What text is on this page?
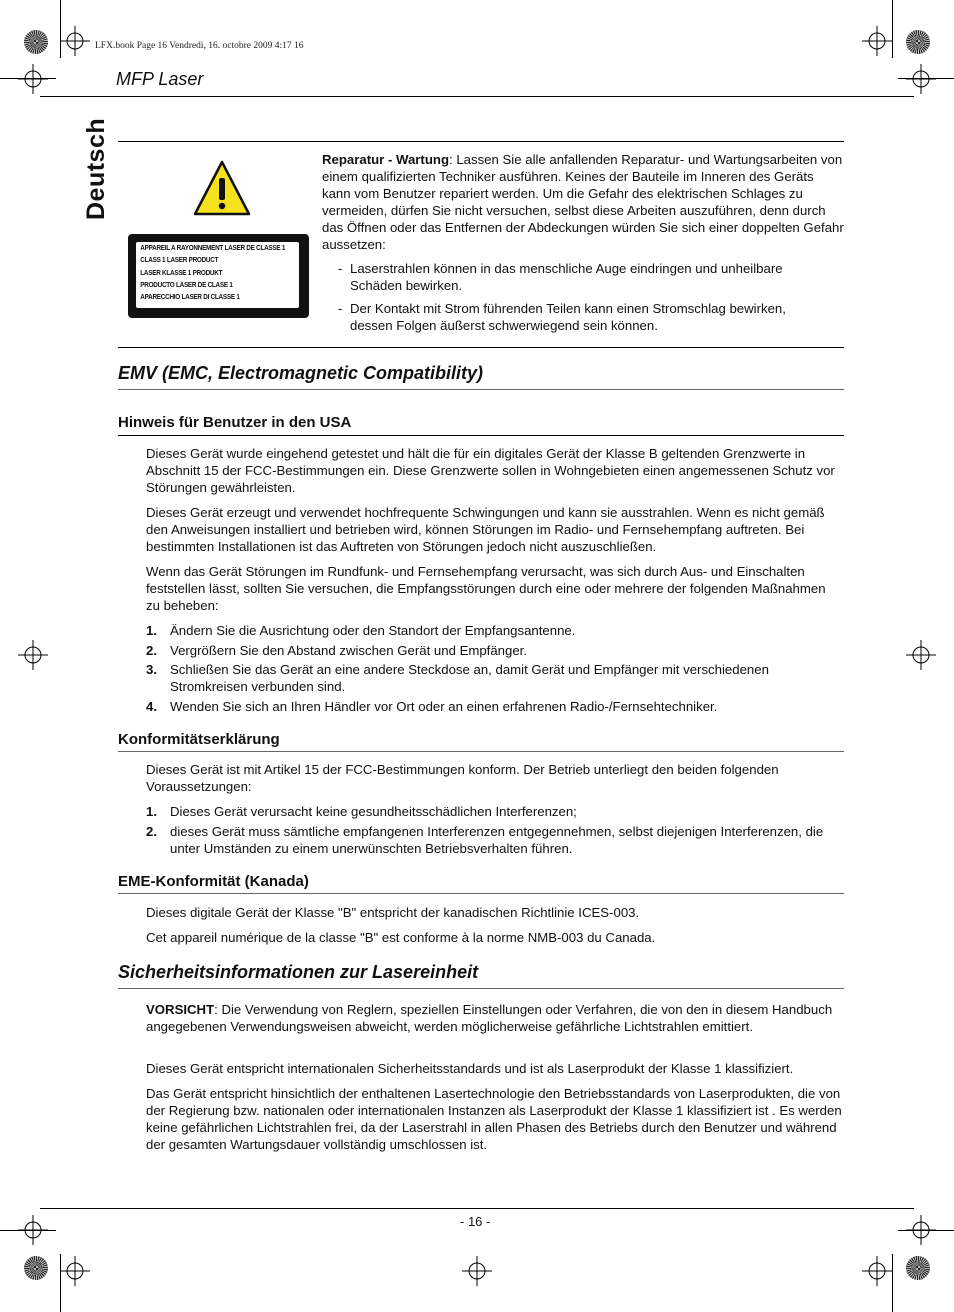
LFX.book Page 16 Vendredi, 16. octobre 2009 4:17 16
MFP Laser
Deutsch
APPAREIL A RAYONNEMENT LASER DE CLASSE 1
CLASS 1 LASER PRODUCT
LASER KLASSE 1 PRODUKT
PRODUCTO LASER DE CLASE 1
APARECCHIO LASER DI CLASSE 1

Reparatur - Wartung: Lassen Sie alle anfallenden Reparatur- und Wartungsarbeiten von einem qualifizierten Techniker ausführen. Keines der Bauteile im Inneren des Geräts kann vom Benutzer repariert werden. Um die Gefahr des elektrischen Schlages zu vermeiden, dürfen Sie nicht versuchen, selbst diese Arbeiten auszuführen, denn durch das Öffnen oder das Entfernen der Abdeckungen würden Sie sich einer doppelten Gefahr aussetzen:

- Laserstrahlen können in das menschliche Auge eindringen und unheilbare Schäden bewirken.
- Der Kontakt mit Strom führenden Teilen kann einen Stromschlag bewirken, dessen Folgen äußerst schwerwiegend sein können.
EMV (EMC, Electromagnetic Compatibility)
Hinweis für Benutzer in den USA

Dieses Gerät wurde eingehend getestet und hält die für ein digitales Gerät der Klasse B geltenden Grenzwerte in Abschnitt 15 der FCC-Bestimmungen ein. Diese Grenzwerte sollen in Wohngebieten einen angemessenen Schutz vor Störungen gewährleisten.

Dieses Gerät erzeugt und verwendet hochfrequente Schwingungen und kann sie ausstrahlen. Wenn es nicht gemäß den Anweisungen installiert und betrieben wird, können Störungen im Radio- und Fernsehempfang auftreten. Bei bestimmten Installationen ist das Auftreten von Störungen jedoch nicht auszuschließen.

Wenn das Gerät Störungen im Rundfunk- und Fernsehempfang verursacht, was sich durch Aus- und Einschalten feststellen lässt, sollten Sie versuchen, die Empfangsstörungen durch eine oder mehrere der folgenden Maßnahmen zu beheben:

1. Ändern Sie die Ausrichtung oder den Standort der Empfangsantenne.
2. Vergrößern Sie den Abstand zwischen Gerät und Empfänger.
3. Schließen Sie das Gerät an eine andere Steckdose an, damit Gerät und Empfänger mit verschiedenen Stromkreisen verbunden sind.
4. Wenden Sie sich an Ihren Händler vor Ort oder an einen erfahrenen Radio-/Fernsehtechniker.
Konformitätserklärung

Dieses Gerät ist mit Artikel 15 der FCC-Bestimmungen konform. Der Betrieb unterliegt den beiden folgenden Voraussetzungen:

1. Dieses Gerät verursacht keine gesundheitsschädlichen Interferenzen;
2. dieses Gerät muss sämtliche empfangenen Interferenzen entgegennehmen, selbst diejenigen Interferenzen, die unter Umständen zu einem unerwünschten Betriebsverhalten führen.
EME-Konformität (Kanada)

Dieses digitale Gerät der Klasse "B" entspricht der kanadischen Richtlinie ICES-003.

Cet appareil numérique de la classe "B" est conforme à la norme NMB-003 du Canada.

Sicherheitsinformationen zur Lasereinheit

VORSICHT: Die Verwendung von Reglern, speziellen Einstellungen oder Verfahren, die von den in diesem Handbuch angegebenen Verwendungsweisen abweicht, werden möglicherweise gefährliche Lichtstrahlen emittiert.

Dieses Gerät entspricht internationalen Sicherheitsstandards und ist als Laserprodukt der Klasse 1 klassifiziert.

Das Gerät entspricht hinsichtlich der enthaltenen Lasertechnologie den Betriebsstandards von Laserprodukten, die von der Regierung bzw. nationalen oder internationalen Instanzen als Laserprodukt der Klasse 1 klassifiziert ist . Es werden keine gefährlichen Lichtstrahlen frei, da der Laserstrahl in allen Phasen des Betriebs durch den Benutzer und während der gesamten Wartungsdauer vollständig umschlossen ist.

- 16 -
